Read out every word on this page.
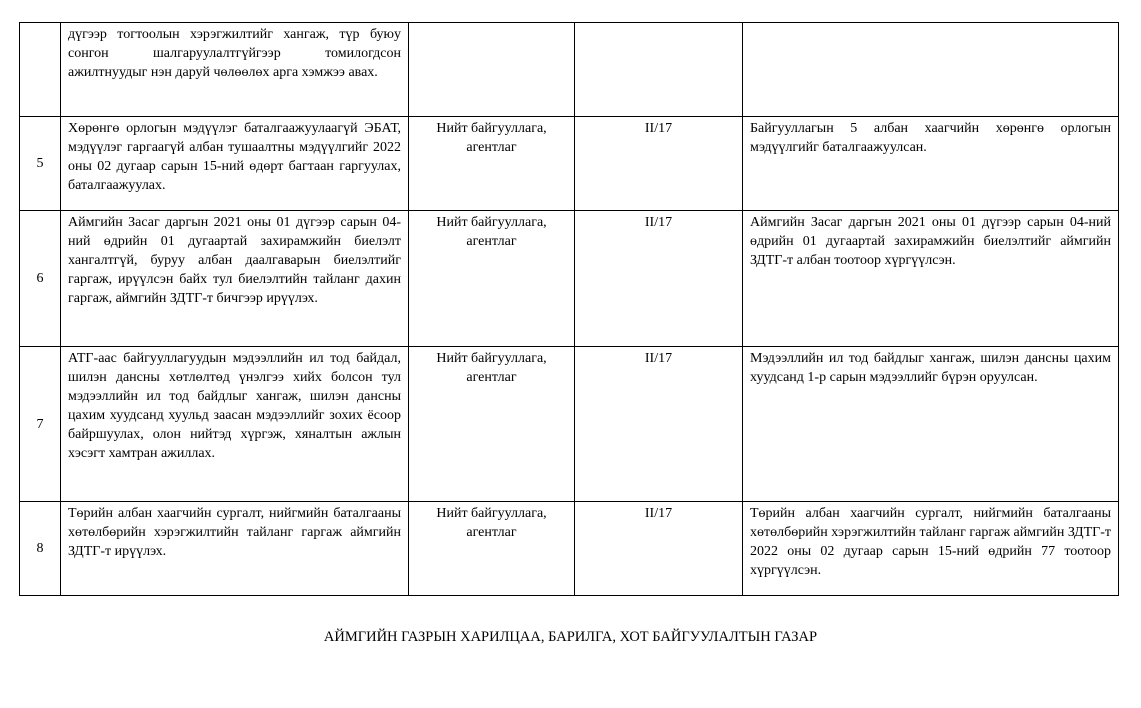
	дүгээр тогтоолын хэрэгжилтийг хангаж, түр буюу сонгон шалгаруулалтгүйгээр томилогдсон ажилтнуудыг нэн даруй чөлөөлөх арга хэмжээ авах.			
5	Хөрөнгө орлогын мэдүүлэг баталгаажуулаагүй ЭБАТ, мэдүүлэг гаргаагүй албан тушаалтны мэдүүлгийг 2022 оны 02 дугаар сарын 15-ний өдөрт багтаан гаргуулах, баталгаажуулах.	Нийт байгууллага, агентлаг	II/17	Байгууллагын 5 албан хаагчийн хөрөнгө орлогын мэдүүлгийг баталгаажуулсан.
6	Аймгийн Засаг даргын 2021 оны 01 дүгээр сарын 04-ний өдрийн 01 дугаартай захирамжийн биелэлт хангалтгүй, буруу албан даалгаварын биелэлтийг гаргаж, ирүүлсэн байх тул биелэлтийн тайланг дахин гаргаж, аймгийн ЗДТГ-т бичгээр ирүүлэх.	Нийт байгууллага, агентлаг	II/17	Аймгийн Засаг даргын 2021 оны 01 дүгээр сарын 04-ний өдрийн 01 дугаартай захирамжийн биелэлтийг аймгийн ЗДТГ-т албан тоотоор хүргүүлсэн.
7	АТГ-аас байгууллагуудын мэдээллийн ил тод байдал, шилэн дансны хөтлөлтөд үнэлгээ хийх болсон тул мэдээллийн ил тод байдлыг хангаж, шилэн дансны цахим хуудсанд хуульд заасан мэдээллийг зохих ёсоор байршуулах, олон нийтэд хүргэж, хяналтын ажлын хэсэгт хамтран ажиллах.	Нийт байгууллага, агентлаг	II/17	Мэдээллийн ил тод байдлыг хангаж, шилэн дансны цахим хуудсанд 1-р сарын мэдээллийг бүрэн оруулсан.
8	Төрийн албан хаагчийн сургалт, нийгмийн баталгааны хөтөлбөрийн хэрэгжилтийн тайланг гаргаж аймгийн ЗДТГ-т ирүүлэх.	Нийт байгууллага, агентлаг	II/17	Төрийн албан хаагчийн сургалт, нийгмийн баталгааны хөтөлбөрийн хэрэгжилтийн тайланг гаргаж аймгийн ЗДТГ-т 2022 оны 02 дугаар сарын 15-ний өдрийн 77 тоотоор хүргүүлсэн.
АЙМГИЙН ГАЗРЫН ХАРИЛЦАА, БАРИЛГА, ХОТ БАЙГУУЛАЛТЫН ГАЗАР
